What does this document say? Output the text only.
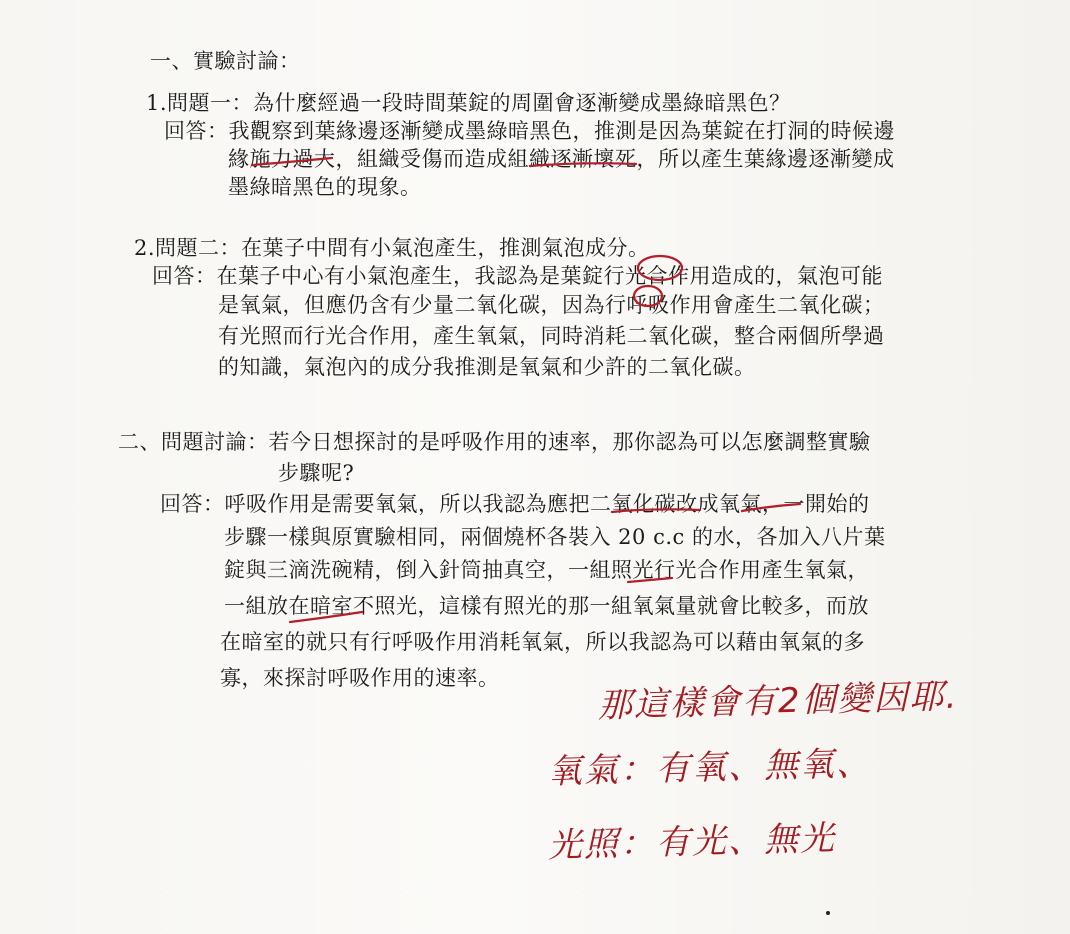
一、實驗討論：
1.問題一：為什麼經過一段時間葉錠的周圍會逐漸變成墨綠暗黑色？
回答：我觀察到葉緣邊逐漸變成墨綠暗黑色，推測是因為葉錠在打洞的時候邊
緣施力過大，組織受傷而造成組織逐漸壞死，所以產生葉緣邊逐漸變成
墨綠暗黑色的現象。
2.問題二：在葉子中間有小氣泡產生，推測氣泡成分。
回答：在葉子中心有小氣泡產生，我認為是葉錠行光合作用造成的，氣泡可能
是氧氣，但應仍含有少量二氧化碳，因為行呼吸作用會產生二氧化碳；
有光照而行光合作用，產生氧氣，同時消耗二氧化碳，整合兩個所學過
的知識，氣泡內的成分我推測是氧氣和少許的二氧化碳。
二、問題討論：若今日想探討的是呼吸作用的速率，那你認為可以怎麼調整實驗
步驟呢?
回答：呼吸作用是需要氧氣，所以我認為應把二氧化碳改成氧氣，一開始的
步驟一樣與原實驗相同，兩個燒杯各裝入 20 c.c 的水，各加入八片葉
錠與三滴洗碗精，倒入針筒抽真空，一組照光行光合作用產生氧氣，
一組放在暗室不照光，這樣有照光的那一組氧氣量就會比較多，而放
在暗室的就只有行呼吸作用消耗氧氣，所以我認為可以藉由氧氣的多
寡，來探討呼吸作用的速率。	那這樣會有2個變因耶.
氧氣：有氧、無氧、
光照：有光、無光
